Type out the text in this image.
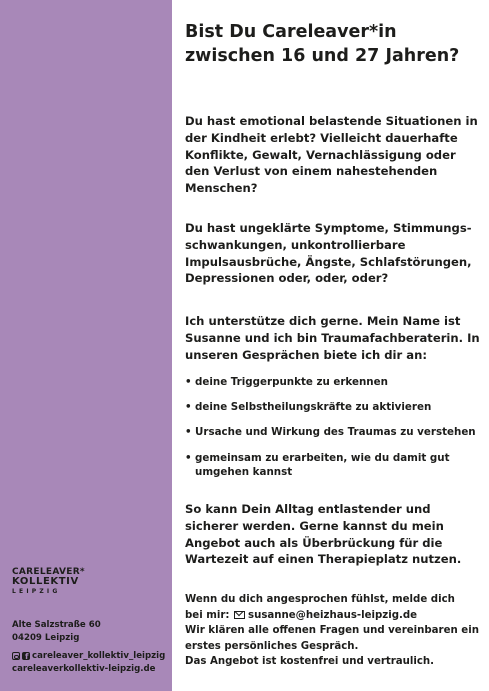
CARELEAVER*
KOLLEKTIV
LEIPZIG
Alte Salzstraße 60
04209 Leipzig
f
careleaver_kollektiv_leipzig
careleaverkollektiv-leipzig.de
Bist Du Careleaver*in
zwischen 16 und 27 Jahren?

Du hast emotional belastende Situationen in der Kindheit erlebt? Vielleicht dauerhafte Konflikte, Gewalt, Vernachlässigung oder den Verlust von einem nahestehenden Menschen?

Du hast ungeklärte Symptome, Stimmungsschwankungen, unkontrollierbare Impulsausbrüche, Ängste, Schlafstörungen, Depressionen oder, oder, oder?

Ich unterstütze dich gerne. Mein Name ist Susanne und ich bin Traumafachberaterin. In unseren Gesprächen biete ich dir an:

• deine Triggerpunkte zu erkennen
• deine Selbstheilungskräfte zu aktivieren
• Ursache und Wirkung des Traumas zu verstehen
• gemeinsam zu erarbeiten, wie du damit gut umgehen kannst

So kann Dein Alltag entlastender und sicherer werden. Gerne kannst du mein Angebot auch als Überbrückung für die Wartezeit auf einen Therapieplatz nutzen.

Wenn du dich angesprochen fühlst, melde dich
bei mir: susanne@heizhaus-leipzig.de
Wir klären alle offenen Fragen und vereinbaren ein erstes persönliches Gespräch.
Das Angebot ist kostenfrei und vertraulich.
